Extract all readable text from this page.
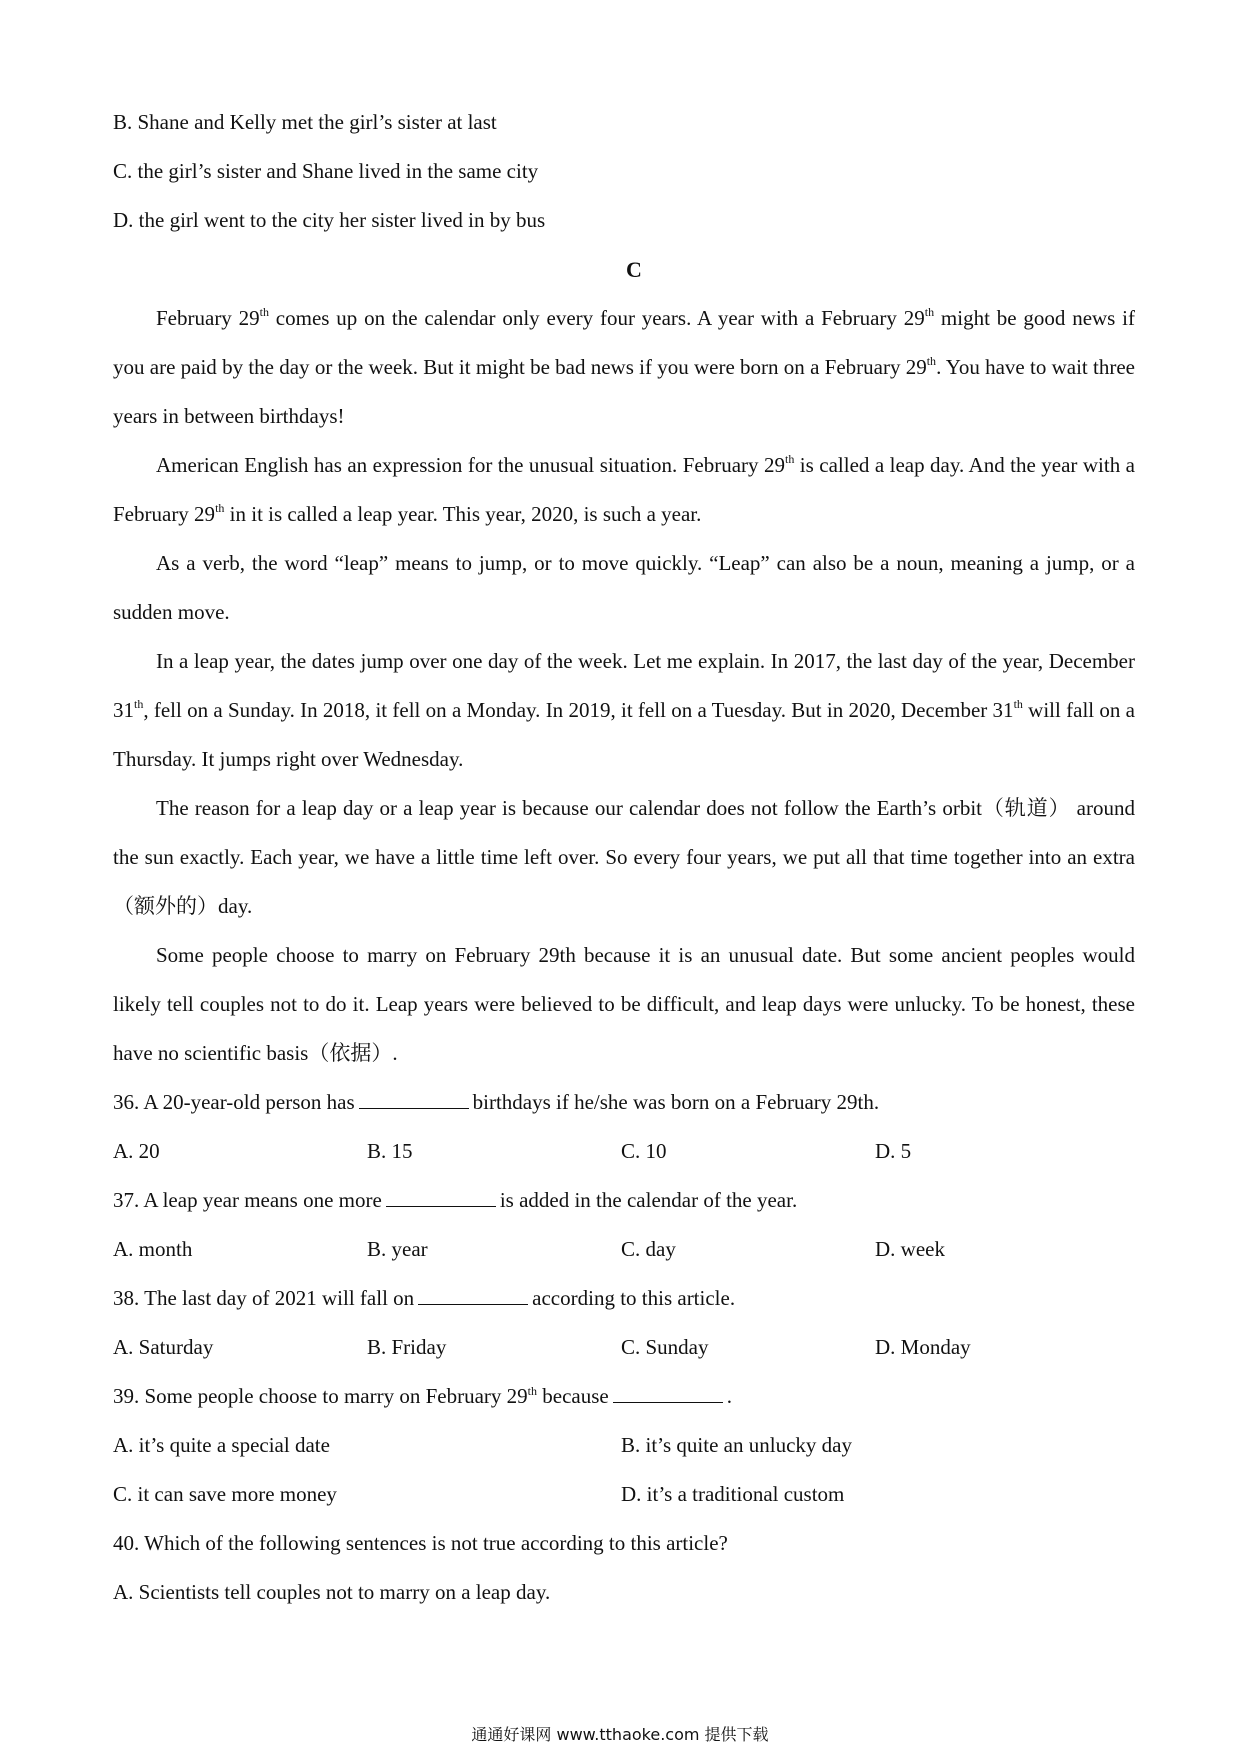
B. Shane and Kelly met the girl’s sister at last
C. the girl’s sister and Shane lived in the same city
D. the girl went to the city her sister lived in by bus
C

February 29th comes up on the calendar only every four years. A year with a February 29th might be good news if you are paid by the day or the week. But it might be bad news if you were born on a February 29th. You have to wait three years in between birthdays!

American English has an expression for the unusual situation. February 29th is called a leap day. And the year with a February 29th in it is called a leap year. This year, 2020, is such a year.

As a verb, the word “leap” means to jump, or to move quickly. “Leap” can also be a noun, meaning a jump, or a sudden move.

In a leap year, the dates jump over one day of the week. Let me explain. In 2017, the last day of the year, December 31th, fell on a Sunday. In 2018, it fell on a Monday. In 2019, it fell on a Tuesday. But in 2020, December 31th will fall on a Thursday. It jumps right over Wednesday.

The reason for a leap day or a leap year is because our calendar does not follow the Earth’s orbit（轨道） around the sun exactly. Each year, we have a little time left over. So every four years, we put all that time together into an extra（额外的）day.

Some people choose to marry on February 29th because it is an unusual date. But some ancient peoples would likely tell couples not to do it. Leap years were believed to be difficult, and leap days were unlucky. To be honest, these have no scientific basis（依据）.

36. A 20-year-old person has	birthdays if he/she was born on a February 29th.
A. 20	B. 15	C. 10	D. 5
37. A leap year means one more	is added in the calendar of the year.
A. month	B. year	C. day	D. week
38. The last day of 2021 will fall on	according to this article.
A. Saturday	B. Friday	C. Sunday	D. Monday
39. Some people choose to marry on February 29th because	.
A. it’s quite a special date	B. it’s quite an unlucky day
C. it can save more money	D. it’s a traditional custom
40. Which of the following sentences is not true according to this article?
A. Scientists tell couples not to marry on a leap day.
通通好课网 www.tthaoke.com 提供下载
